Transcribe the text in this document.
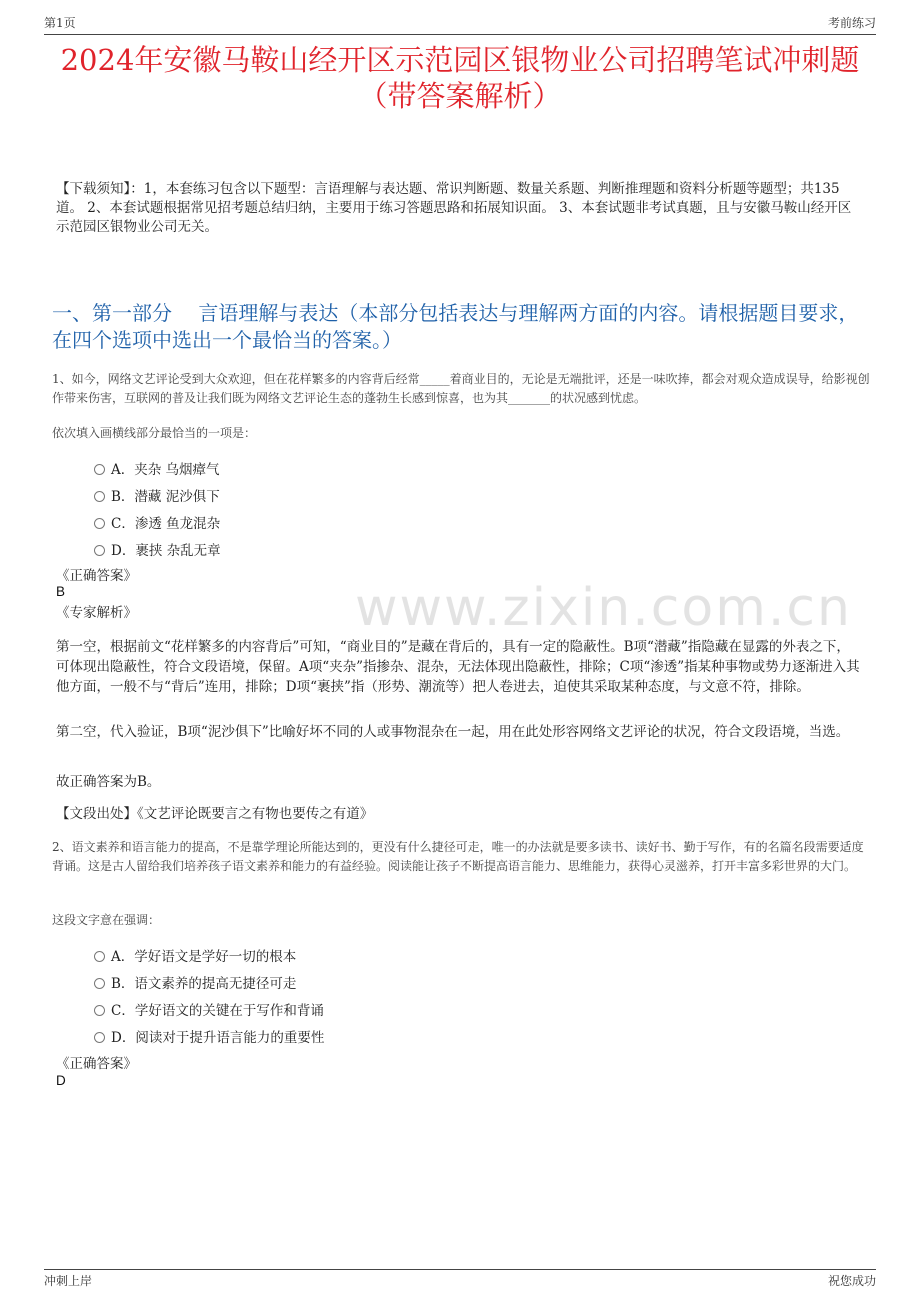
第1页	考前练习
2024年安徽马鞍山经开区示范园区银物业公司招聘笔试冲刺题
（带答案解析）
【下载须知】：1，本套练习包含以下题型：言语理解与表达题、常识判断题、数量关系题、判断推理题和资料分析题等题型；共135道。 2、本套试题根据常见招考题总结归纳，主要用于练习答题思路和拓展知识面。 3、本套试题非考试真题，且与安徽马鞍山经开区示范园区银物业公司无关。
一、第一部分　 言语理解与表达（本部分包括表达与理解两方面的内容。请根据题目要求，在四个选项中选出一个最恰当的答案。）
www.zixin.com.cn
1、如今，网络文艺评论受到大众欢迎，但在花样繁多的内容背后经常_____着商业目的，无论是无端批评，还是一味吹捧，都会对观众造成误导，给影视创作带来伤害，互联网的普及让我们既为网络文艺评论生态的蓬勃生长感到惊喜，也为其_______的状况感到忧虑。
依次填入画横线部分最恰当的一项是：
A．夹杂 乌烟瘴气
B．潜藏 泥沙俱下
C．渗透 鱼龙混杂
D．裹挟 杂乱无章
《正确答案》
B
《专家解析》
第一空，根据前文“花样繁多的内容背后”可知，“商业目的”是藏在背后的，具有一定的隐蔽性。B项“潜藏”指隐藏在显露的外表之下，可体现出隐蔽性，符合文段语境，保留。A项“夹杂”指掺杂、混杂，无法体现出隐蔽性，排除；C项“渗透”指某种事物或势力逐渐进入其他方面，一般不与“背后”连用，排除；D项“裹挟”指（形势、潮流等）把人卷进去，迫使其采取某种态度，与文意不符，排除。
第二空，代入验证，B项“泥沙俱下”比喻好坏不同的人或事物混杂在一起，用在此处形容网络文艺评论的状况，符合文段语境，当选。
故正确答案为B。
【文段出处】《文艺评论既要言之有物也要传之有道》
2、语文素养和语言能力的提高，不是靠学理论所能达到的，更没有什么捷径可走，唯一的办法就是要多读书、读好书、勤于写作，有的名篇名段需要适度背诵。这是古人留给我们培养孩子语文素养和能力的有益经验。阅读能让孩子不断提高语言能力、思维能力，获得心灵滋养，打开丰富多彩世界的大门。
这段文字意在强调：
A．学好语文是学好一切的根本
B．语文素养的提高无捷径可走
C．学好语文的关键在于写作和背诵
D．阅读对于提升语言能力的重要性
《正确答案》
D
冲刺上岸	祝您成功
